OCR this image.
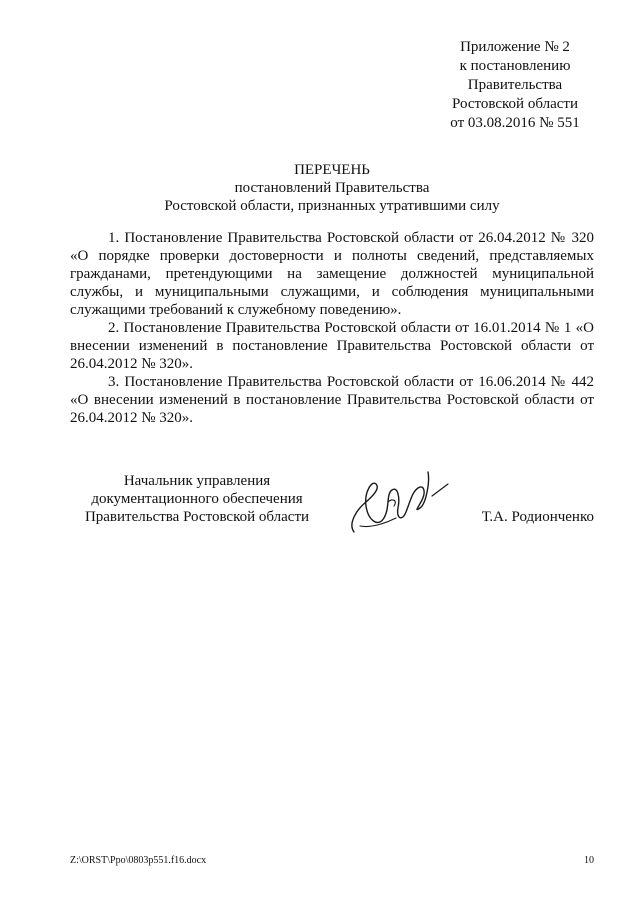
Приложение № 2
к постановлению
Правительства
Ростовской области
от 03.08.2016 № 551
ПЕРЕЧЕНЬ
постановлений Правительства
Ростовской области, признанных утратившими силу

1. Постановление Правительства Ростовской области от 26.04.2012 № 320 «О порядке проверки достоверности и полноты сведений, представляемых гражданами, претендующими на замещение должностей муниципальной службы, и муниципальными служащими, и соблюдения муниципальными служащими требований к служебному поведению».

2. Постановление Правительства Ростовской области от 16.01.2014 № 1 «О внесении изменений в постановление Правительства Ростовской области от 26.04.2012 № 320».

3. Постановление Правительства Ростовской области от 16.06.2014 № 442 «О внесении изменений в постановление Правительства Ростовской области от 26.04.2012 № 320».

Начальник управления
документационного обеспечения
Правительства Ростовской области	Т.А. Родионченко
Z:\ORST\Ppo\0803p551.f16.docx	10
